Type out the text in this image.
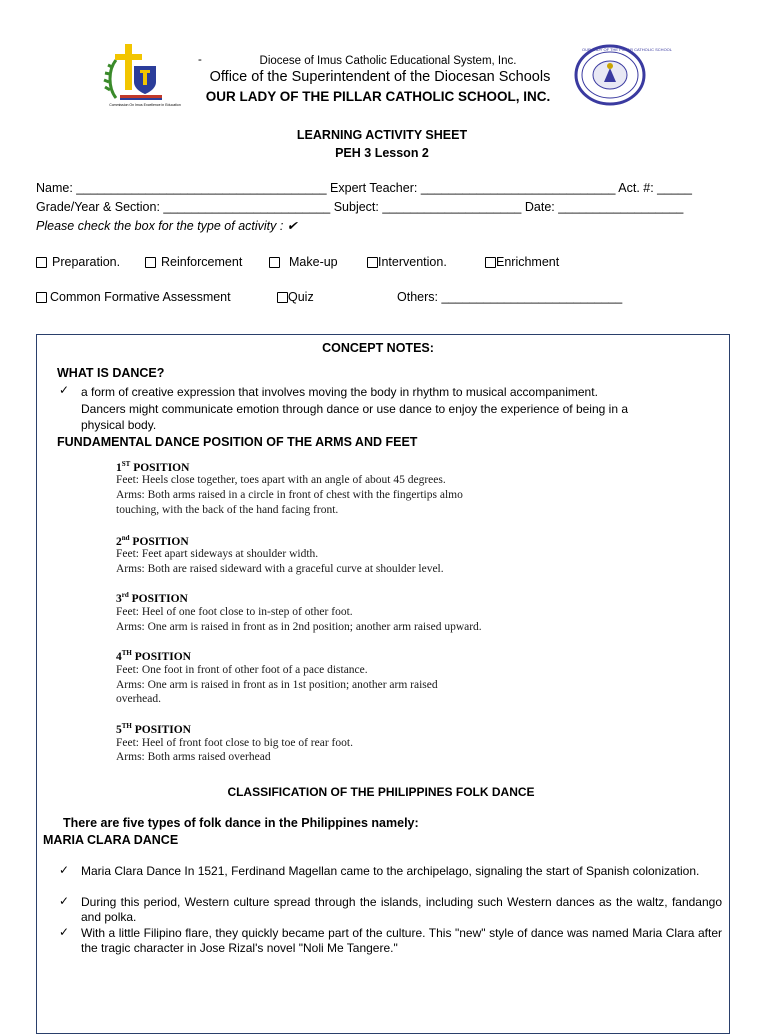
Commission On Imus Excellence in Education
OUR LADY OF THE PILLAR CATHOLIC SCHOOL
-	Diocese of Imus Catholic Educational System, Inc.
Office of the Superintendent of the Diocesan Schools
OUR LADY OF THE PILLAR CATHOLIC SCHOOL, INC.
LEARNING ACTIVITY SHEET
PEH 3 Lesson 2
Name: ____________________________________ Expert Teacher: ____________________________ Act. #: _____
Grade/Year & Section: ________________________ Subject: ____________________ Date: __________________
Please check the box for the type of activity : ✔
Preparation.	Reinforcement	Make-up	Intervention.	Enrichment
Common Formative Assessment	Quiz	Others: __________________________
CONCEPT NOTES:
WHAT IS DANCE?
✓ a form of creative expression that involves moving the body in rhythm to musical accompaniment.
Dancers might communicate emotion through dance or use dance to enjoy the experience of being in a
physical body.
FUNDAMENTAL DANCE POSITION OF THE ARMS AND FEET
1ST POSITION
Feet: Heels close together, toes apart with an angle of about 45 degrees.
Arms: Both arms raised in a circle in front of chest with the fingertips almo
touching, with the back of the hand facing front.
2nd POSITION
Feet: Feet apart sideways at shoulder width.
Arms: Both are raised sideward with a graceful curve at shoulder level.
3rd POSITION
Feet: Heel of one foot close to in-step of other foot.
Arms: One arm is raised in front as in 2nd position; another arm raised upward.
4TH POSITION
Feet: One foot in front of other foot of a pace distance.
Arms: One arm is raised in front as in 1st position; another arm raised
overhead.
5TH POSITION
Feet: Heel of front foot close to big toe of rear foot.
Arms: Both arms raised overhead
CLASSIFICATION OF THE PHILIPPINES FOLK DANCE
There are five types of folk dance in the Philippines namely:
MARIA CLARA DANCE
✓ Maria Clara Dance In 1521, Ferdinand Magellan came to the archipelago, signaling the start of Spanish colonization.
✓ During this period, Western culture spread through the islands, including such Western dances as the waltz, fandango and polka.
✓ With a little Filipino flare, they quickly became part of the culture. This "new" style of dance was named Maria Clara after the tragic character in Jose Rizal's novel "Noli Me Tangere."
